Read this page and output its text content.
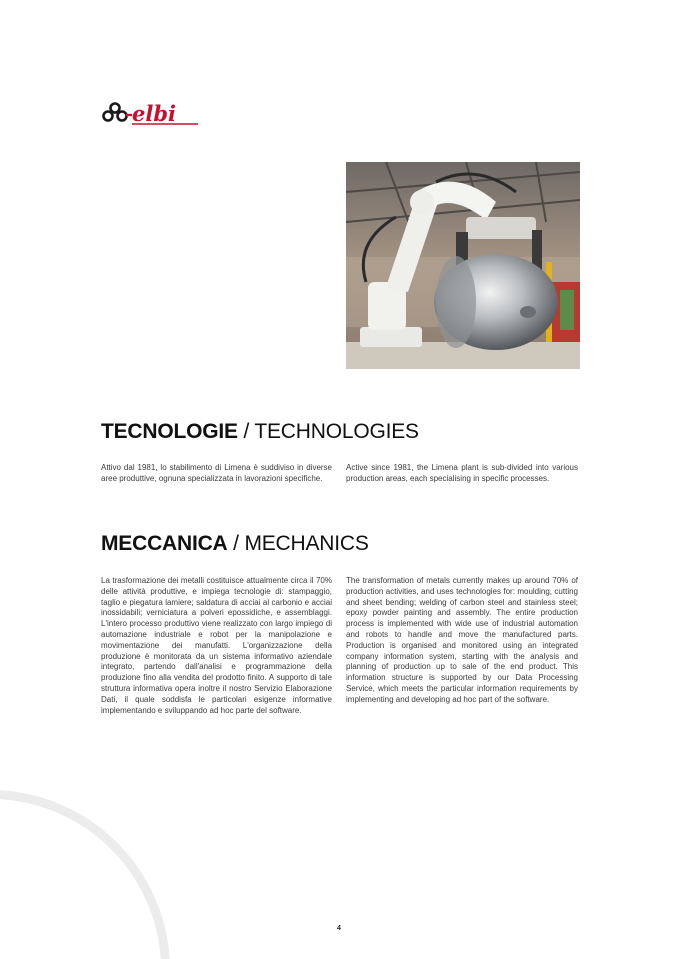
elbi
TECNOLOGIE / TECHNOLOGIES

Attivo dal 1981, lo stabilimento di Limena è suddiviso in diverse aree produttive, ognuna specializzata in lavorazioni specifiche.

Active since 1981, the Limena plant is sub-divided into various production areas, each specialising in specific processes.

MECCANICA / MECHANICS

La trasformazione dei metalli costituisce attualmente circa il 70% delle attività produttive, e impiega tecnologie di: stampaggio, taglio e piegatura lamiere; saldatura di acciai al carbonio e acciai inossidabili; verniciatura a polveri epossidiche, e assemblaggi. L'intero processo produttivo viene realizzato con largo impiego di automazione industriale e robot per la manipolazione e movimentazione dei manufatti. L'organizzazione della produzione è monitorata da un sistema informativo aziendale integrato, partendo dall'analisi e programmazione della produzione fino alla vendita del prodotto finito. A supporto di tale struttura informativa opera inoltre il nostro Servizio Elaborazione Dati, il quale soddisfa le particolari esigenze informative implementando e sviluppando ad hoc parte del software.

The transformation of metals currently makes up around 70% of production activities, and uses technologies for: moulding, cutting and sheet bending; welding of carbon steel and stainless steel; epoxy powder painting and assembly. The entire production process is implemented with wide use of industrial automation and robots to handle and move the manufactured parts. Production is organised and monitored using an integrated company information system, starting with the analysis and planning of production up to sale of the end product. This information structure is supported by our Data Processing Service, which meets the particular information requirements by implementing and developing ad hoc part of the software.

4
